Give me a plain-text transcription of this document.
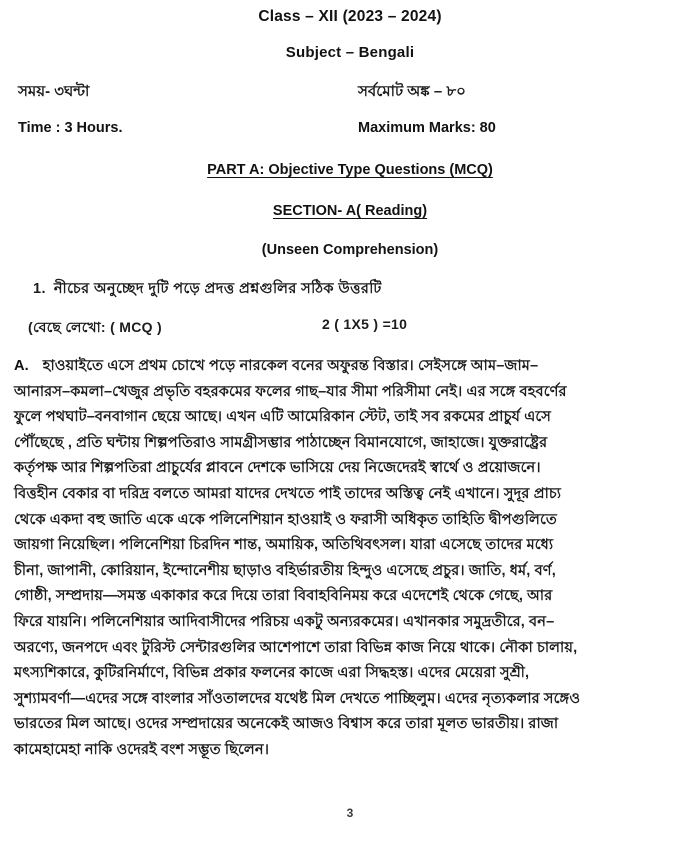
Class – XII (2023 – 2024)
Subject – Bengali
সময়- ৩ঘন্টা	সর্বমোট অঙ্ক – ৮০
Time : 3 Hours.	Maximum Marks: 80
PART A: Objective Type Questions (MCQ)
SECTION- A( Reading)
(Unseen Comprehension)
1. নীচের অনুচ্ছেদ দুটি পড়ে প্রদত্ত প্রশ্নগুলির সঠিক উত্তরটি
(বেছে লেখো: ( MCQ )	2 ( 1X5 ) =10
A. হাওয়াইতে এসে প্রথম চোখে পড়ে নারকেল বনের অফুরন্ত বিস্তার। সেইসঙ্গে আম–জাম–
আনারস–কমলা–খেজুর প্রভৃতি বহরকমের ফলের গাছ–যার সীমা পরিসীমা নেই। এর সঙ্গে বহবর্ণের
ফুলে পথঘাট–বনবাগান ছেয়ে আছে। এখন এটি আমেরিকান স্টেট, তাই সব রকমের প্রাচুর্য এসে
পৌঁছেছে , প্রতি ঘন্টায় শিল্পপতিরাও সামগ্রীসম্ভার পাঠাচ্ছেন বিমানযোগে, জাহাজে। যুক্তরাষ্ট্রের
কর্তৃপক্ষ আর শিল্পপতিরা প্রাচুর্যের প্লাবনে দেশকে ভাসিয়ে দেয় নিজেদেরই স্বার্থে ও প্রয়োজনে।
বিত্তহীন বেকার বা দরিদ্র বলতে আমরা যাদের দেখতে পাই তাদের অস্তিত্ব নেই এখানে। সুদূর প্রাচ্য
থেকে একদা বহু জাতি একে একে পলিনেশিয়ান হাওয়াই ও ফরাসী অধিকৃত তাহিতি দ্বীপগুলিতে
জায়গা নিয়েছিল। পলিনেশিয়া চিরদিন শান্ত, অমায়িক, অতিথিবৎসল। যারা এসেছে তাদের মধ্যে
চীনা, জাপানী, কোরিয়ান, ইন্দোনেশীয় ছাড়াও বহির্ভারতীয় হিন্দুও এসেছে প্রচুর। জাতি, ধর্ম, বর্ণ,
গোষ্ঠী, সম্প্রদায়—সমস্ত একাকার করে দিয়ে তারা বিবাহবিনিময় করে এদেশেই থেকে গেছে, আর
ফিরে যায়নি। পলিনেশিয়ার আদিবাসীদের পরিচয় একটু অন্যরকমের। এখানকার সমুদ্রতীরে, বন–
অরণ্যে, জনপদে এবং টুরিস্ট সেন্টারগুলির আশেপাশে তারা বিভিন্ন কাজ নিয়ে থাকে। নৌকা চালায়,
মৎস্যশিকারে, কুটিরনির্মাণে, বিভিন্ন প্রকার ফলনের কাজে এরা সিদ্ধহস্ত। এদের মেয়েরা সুশ্রী,
সুশ্যামবর্ণা—এদের সঙ্গে বাংলার সাঁওতালদের যথেষ্ট মিল দেখতে পাচ্ছিলুম। এদের নৃত্যকলার সঙ্গেও
ভারতের মিল আছে। ওদের সম্প্রদায়ের অনেকেই আজও বিশ্বাস করে তারা মূলত ভারতীয়। রাজা
কামেহামেহা নাকি ওদেরই বংশ সম্ভূত ছিলেন।
3
